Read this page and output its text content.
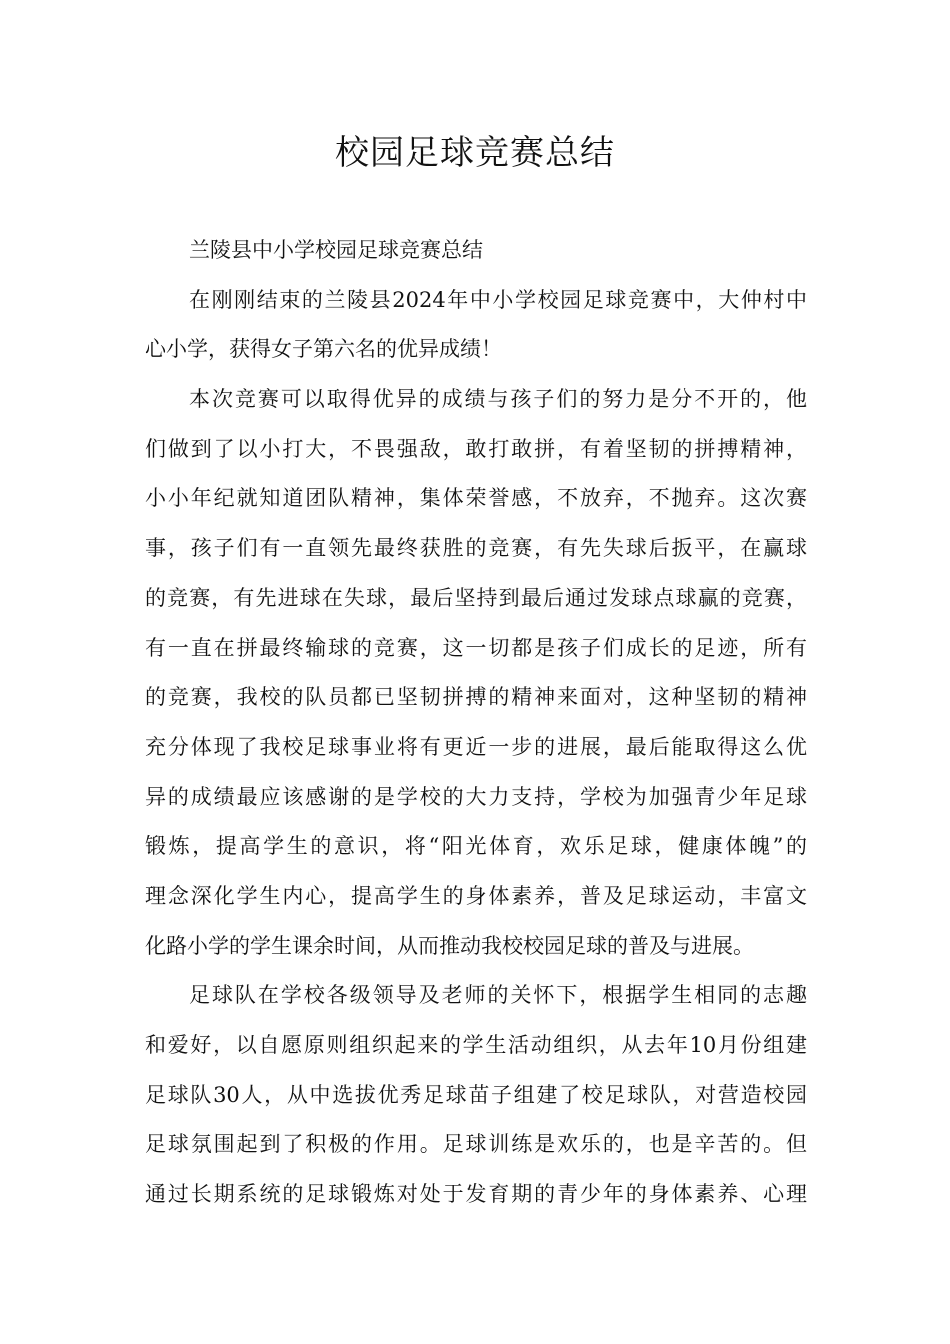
校园足球竞赛总结
兰陵县中小学校园足球竞赛总结
在刚刚结束的兰陵县2024年中小学校园足球竞赛中，大仲村中
心小学，获得女子第六名的优异成绩！
本次竞赛可以取得优异的成绩与孩子们的努力是分不开的，他
们做到了以小打大，不畏强敌，敢打敢拼，有着坚韧的拼搏精神，
小小年纪就知道团队精神，集体荣誉感，不放弃，不抛弃。这次赛
事，孩子们有一直领先最终获胜的竞赛，有先失球后扳平，在赢球
的竞赛，有先进球在失球，最后坚持到最后通过发球点球赢的竞赛，
有一直在拼最终输球的竞赛，这一切都是孩子们成长的足迹，所有
的竞赛，我校的队员都已坚韧拼搏的精神来面对，这种坚韧的精神
充分体现了我校足球事业将有更近一步的进展，最后能取得这么优
异的成绩最应该感谢的是学校的大力支持，学校为加强青少年足球
锻炼，提高学生的意识，将“阳光体育，欢乐足球，健康体魄”的
理念深化学生内心，提高学生的身体素养，普及足球运动，丰富文
化路小学的学生课余时间，从而推动我校校园足球的普及与进展。
足球队在学校各级领导及老师的关怀下，根据学生相同的志趣
和爱好，以自愿原则组织起来的学生活动组织，从去年10月份组建
足球队30人，从中选拔优秀足球苗子组建了校足球队，对营造校园
足球氛围起到了积极的作用。足球训练是欢乐的，也是辛苦的。但
通过长期系统的足球锻炼对处于发育期的青少年的身体素养、心理
